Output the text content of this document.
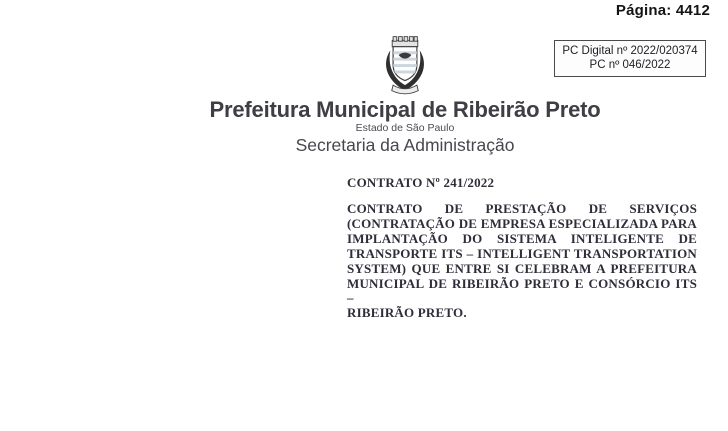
Página: 4412
PC Digital nº 2022/020374
PC nº 046/2022
Prefeitura Municipal de Ribeirão Preto
Estado de São Paulo
Secretaria da Administração
CONTRATO Nº 241/2022
CONTRATO DE PRESTAÇÃO DE SERVIÇOS
(CONTRATAÇÃO DE EMPRESA ESPECIALIZADA PARA
IMPLANTAÇÃO DO SISTEMA INTELIGENTE DE
TRANSPORTE ITS – INTELLIGENT TRANSPORTATION
SYSTEM) QUE ENTRE SI CELEBRAM A PREFEITURA
MUNICIPAL DE RIBEIRÃO PRETO E CONSÓRCIO ITS –
RIBEIRÃO PRETO.
